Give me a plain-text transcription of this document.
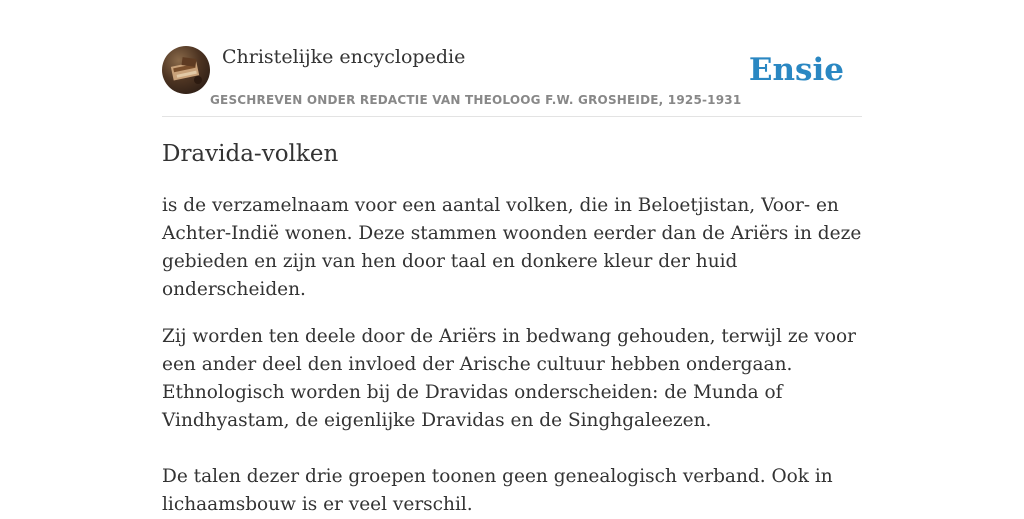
Christelijke encyclopedie
GESCHREVEN ONDER REDACTIE VAN THEOLOOG F.W. GROSHEIDE, 1925-1931
Ensie
Dravida-volken

is de verzamelnaam voor een aantal volken, die in Beloetjistan, Voor- en Achter-Indië wonen. Deze stammen woonden eerder dan de Ariërs in deze gebieden en zijn van hen door taal en donkere kleur der huid onderscheiden.

Zij worden ten deele door de Ariërs in bedwang gehouden, terwijl ze voor een ander deel den invloed der Arische cultuur hebben ondergaan. Ethnologisch worden bij de Dravidas onderscheiden: de Munda of Vindhyastam, de eigenlijke Dravidas en de Singhgaleezen.

De talen dezer drie groepen toonen geen genealogisch verband. Ook in lichaamsbouw is er veel verschil.
